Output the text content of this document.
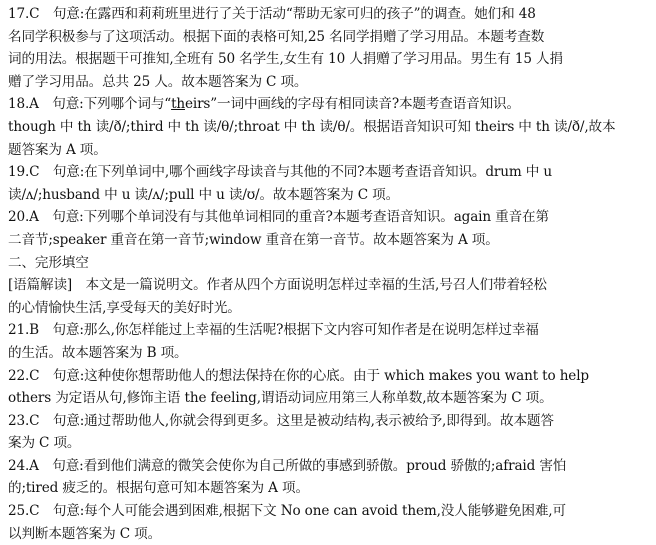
17.C　句意:在露西和莉莉班里进行了关于活动“帮助无家可归的孩子”的调查。她们和 48
名同学积极参与了这项活动。根据下面的表格可知,25 名同学捐赠了学习用品。本题考查数
词的用法。根据题干可推知,全班有 50 名学生,女生有 10 人捐赠了学习用品。男生有 15 人捐
赠了学习用品。总共 25 人。故本题答案为 C 项。
18.A　句意:下列哪个词与“theirs”一词中画线的字母有相同读音?本题考查语音知识。
though 中 th 读/ð/;third 中 th 读/θ/;throat 中 th 读/θ/。根据语音知识可知 theirs 中 th 读/ð/,故本
题答案为 A 项。
19.C　句意:在下列单词中,哪个画线字母读音与其他的不同?本题考查语音知识。drum 中 u
读/ʌ/;husband 中 u 读/ʌ/;pull 中 u 读/ʊ/。故本题答案为 C 项。
20.A　句意:下列哪个单词没有与其他单词相同的重音?本题考查语音知识。again 重音在第
二音节;speaker 重音在第一音节;window 重音在第一音节。故本题答案为 A 项。
二、完形填空
[语篇解读]　本文是一篇说明文。作者从四个方面说明怎样过幸福的生活,号召人们带着轻松
的心情愉快生活,享受每天的美好时光。
21.B　句意:那么,你怎样能过上幸福的生活呢?根据下文内容可知作者是在说明怎样过幸福
的生活。故本题答案为 B 项。
22.C　句意:这种使你想帮助他人的想法保持在你的心底。由于 which makes you want to help
others 为定语从句,修饰主语 the feeling,谓语动词应用第三人称单数,故本题答案为 C 项。
23.C　句意:通过帮助他人,你就会得到更多。这里是被动结构,表示被给予,即得到。故本题答
案为 C 项。
24.A　句意:看到他们满意的微笑会使你为自己所做的事感到骄傲。proud 骄傲的;afraid 害怕
的;tired 疲乏的。根据句意可知本题答案为 A 项。
25.C　句意:每个人可能会遇到困难,根据下文 No one can avoid them,没人能够避免困难,可
以判断本题答案为 C 项。
